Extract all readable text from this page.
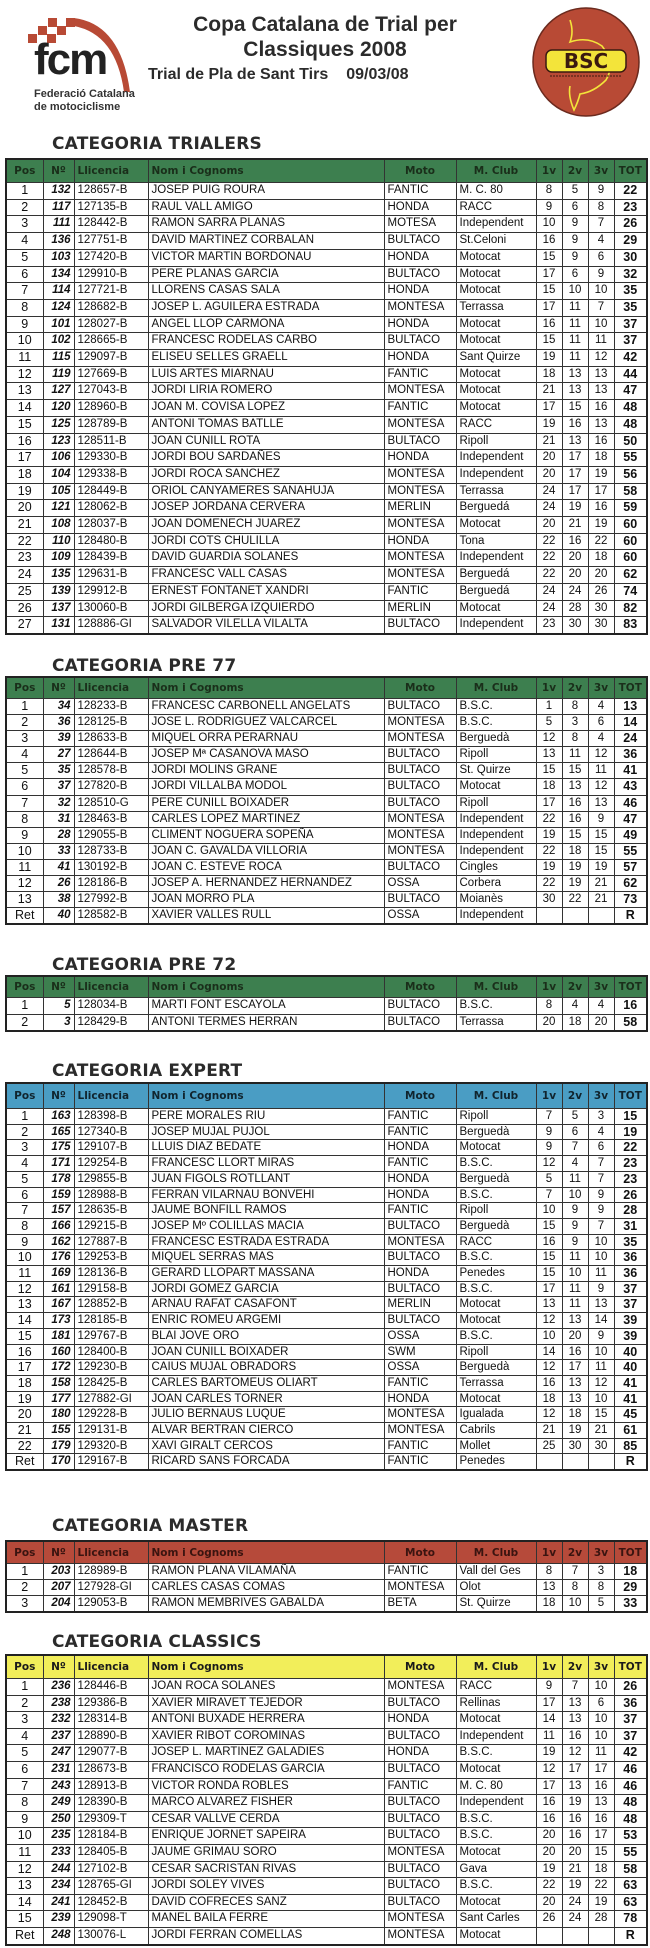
fcm
Federació Catalana
de motociclisme
Copa Catalana de Trial per
Classiques 2008
Trial de Pla de Sant Tirs 09/03/08
BSC
CATEGORIA TRIALERS
Pos	Nº	Llicencia	Nom i Cognoms	Moto	M. Club	1v	2v	3v	TOT
1	132	128657-B	JOSEP PUIG ROURA	FANTIC	M. C. 80	8	5	9	22
2	117	127135-B	RAUL VALL AMIGO	HONDA	RACC	9	6	8	23
3	111	128442-B	RAMON SARRA PLANAS	MOTESA	Independent	10	9	7	26
4	136	127751-B	DAVID MARTINEZ CORBALAN	BULTACO	St.Celoni	16	9	4	29
5	103	127420-B	VICTOR MARTIN BORDONAU	HONDA	Motocat	15	9	6	30
6	134	129910-B	PERE PLANAS GARCIA	BULTACO	Motocat	17	6	9	32
7	114	127721-B	LLORENS CASAS SALA	HONDA	Motocat	15	10	10	35
8	124	128682-B	JOSEP L. AGUILERA ESTRADA	MONTESA	Terrassa	17	11	7	35
9	101	128027-B	ANGEL LLOP CARMONA	HONDA	Motocat	16	11	10	37
10	102	128665-B	FRANCESC RODELAS CARBO	BULTACO	Motocat	15	11	11	37
11	115	129097-B	ELISEU SELLES GRAELL	HONDA	Sant Quirze	19	11	12	42
12	119	127669-B	LUIS ARTES MIARNAU	FANTIC	Motocat	18	13	13	44
13	127	127043-B	JORDI LIRIA ROMERO	MONTESA	Motocat	21	13	13	47
14	120	128960-B	JOAN M. COVISA LOPEZ	FANTIC	Motocat	17	15	16	48
15	125	128789-B	ANTONI TOMAS BATLLE	MONTESA	RACC	19	16	13	48
16	123	128511-B	JOAN CUNILL ROTA	BULTACO	Ripoll	21	13	16	50
17	106	129330-B	JORDI BOU SARDAÑES	HONDA	Independent	20	17	18	55
18	104	129338-B	JORDI ROCA SANCHEZ	MONTESA	Independent	20	17	19	56
19	105	128449-B	ORIOL CANYAMERES SANAHUJA	MONTESA	Terrassa	24	17	17	58
20	121	128062-B	JOSEP JORDANA CERVERA	MERLIN	Berguedá	24	19	16	59
21	108	128037-B	JOAN DOMENECH JUAREZ	MONTESA	Motocat	20	21	19	60
22	110	128480-B	JORDI COTS CHULILLA	HONDA	Tona	22	16	22	60
23	109	128439-B	DAVID GUARDIA SOLANES	MONTESA	Independent	22	20	18	60
24	135	129631-B	FRANCESC VALL CASAS	MONTESA	Berguedá	22	20	20	62
25	139	129912-B	ERNEST FONTANET XANDRI	FANTIC	Berguedá	24	24	26	74
26	137	130060-B	JORDI GILBERGA IZQUIERDO	MERLIN	Motocat	24	28	30	82
27	131	128886-GI	SALVADOR VILELLA VILALTA	BULTACO	Independent	23	30	30	83
CATEGORIA PRE 77
Pos	Nº	Llicencia	Nom i Cognoms	Moto	M. Club	1v	2v	3v	TOT
1	34	128233-B	FRANCESC CARBONELL ANGELATS	BULTACO	B.S.C.	1	8	4	13
2	36	128125-B	JOSE L. RODRIGUEZ VALCARCEL	MONTESA	B.S.C.	5	3	6	14
3	39	128633-B	MIQUEL ORRA PERARNAU	MONTESA	Berguedà	12	8	4	24
4	27	128644-B	JOSEP Mª CASANOVA MASO	BULTACO	Ripoll	13	11	12	36
5	35	128578-B	JORDI MOLINS GRANE	BULTACO	St. Quirze	15	15	11	41
6	37	127820-B	JORDI VILLALBA MODOL	BULTACO	Motocat	18	13	12	43
7	32	128510-G	PERE CUNILL BOIXADER	BULTACO	Ripoll	17	16	13	46
8	31	128463-B	CARLES LOPEZ MARTINEZ	MONTESA	Independent	22	16	9	47
9	28	129055-B	CLIMENT NOGUERA SOPEÑA	MONTESA	Independent	19	15	15	49
10	33	128733-B	JOAN C. GAVALDA VILLORIA	MONTESA	Independent	22	18	15	55
11	41	130192-B	JOAN C. ESTEVE ROCA	BULTACO	Cingles	19	19	19	57
12	26	128186-B	JOSEP A. HERNANDEZ HERNANDEZ	OSSA	Corbera	22	19	21	62
13	38	127992-B	JOAN MORRO PLA	BULTACO	Moianès	30	22	21	73
Ret	40	128582-B	XAVIER VALLES RULL	OSSA	Independent				R
CATEGORIA PRE 72
Pos	Nº	Llicencia	Nom i Cognoms	Moto	M. Club	1v	2v	3v	TOT
1	5	128034-B	MARTI FONT ESCAYOLA	BULTACO	B.S.C.	8	4	4	16
2	3	128429-B	ANTONI TERMES HERRAN	BULTACO	Terrassa	20	18	20	58
CATEGORIA EXPERT
Pos	Nº	Llicencia	Nom i Cognoms	Moto	M. Club	1v	2v	3v	TOT
1	163	128398-B	PERE MORALES RIU	FANTIC	Ripoll	7	5	3	15
2	165	127340-B	JOSEP MUJAL PUJOL	FANTIC	Berguedà	9	6	4	19
3	175	129107-B	LLUIS DIAZ BEDATE	HONDA	Motocat	9	7	6	22
4	171	129254-B	FRANCESC LLORT MIRAS	FANTIC	B.S.C.	12	4	7	23
5	178	129855-B	JUAN FIGOLS ROTLLANT	HONDA	Berguedà	5	11	7	23
6	159	128988-B	FERRAN VILARNAU BONVEHI	HONDA	B.S.C.	7	10	9	26
7	157	128635-B	JAUME BONFILL RAMOS	FANTIC	Ripoll	10	9	9	28
8	166	129215-B	JOSEP Mº COLILLAS MACIA	BULTACO	Berguedà	15	9	7	31
9	162	127887-B	FRANCESC ESTRADA ESTRADA	MONTESA	RACC	16	9	10	35
10	176	129253-B	MIQUEL SERRAS MAS	BULTACO	B.S.C.	15	11	10	36
11	169	128136-B	GERARD LLOPART MASSANA	HONDA	Penedes	15	10	11	36
12	161	129158-B	JORDI GOMEZ GARCIA	BULTACO	B.S.C.	17	11	9	37
13	167	128852-B	ARNAU RAFAT CASAFONT	MERLIN	Motocat	13	11	13	37
14	173	128185-B	ENRIC ROMEU ARGEMI	BULTACO	Motocat	12	13	14	39
15	181	129767-B	BLAI JOVE ORO	OSSA	B.S.C.	10	20	9	39
16	160	128400-B	JOAN CUNILL BOIXADER	SWM	Ripoll	14	16	10	40
17	172	129230-B	CAIUS MUJAL OBRADORS	OSSA	Berguedà	12	17	11	40
18	158	128425-B	CARLES BARTOMEUS OLIART	FANTIC	Terrassa	16	13	12	41
19	177	127882-GI	JOAN CARLES TORNER	HONDA	Motocat	18	13	10	41
20	180	129228-B	JULIO BERNAUS LUQUE	MONTESA	Igualada	12	18	15	45
21	155	129131-B	ALVAR BERTRAN CIERCO	MONTESA	Cabrils	21	19	21	61
22	179	129320-B	XAVI GIRALT CERCOS	FANTIC	Mollet	25	30	30	85
Ret	170	129167-B	RICARD SANS FORCADA	FANTIC	Penedes				R
CATEGORIA MASTER
Pos	Nº	Llicencia	Nom i Cognoms	Moto	M. Club	1v	2v	3v	TOT
1	203	128989-B	RAMON PLANA VILAMAÑA	FANTIC	Vall del Ges	8	7	3	18
2	207	127928-GI	CARLES CASAS COMAS	MONTESA	Olot	13	8	8	29
3	204	129053-B	RAMON MEMBRIVES GABALDA	BETA	St. Quirze	18	10	5	33
CATEGORIA CLASSICS
Pos	Nº	Llicencia	Nom i Cognoms	Moto	M. Club	1v	2v	3v	TOT
1	236	128446-B	JOAN ROCA SOLANES	MONTESA	RACC	9	7	10	26
2	238	129386-B	XAVIER MIRAVET TEJEDOR	BULTACO	Rellinas	17	13	6	36
3	232	128314-B	ANTONI BUXADE HERRERA	HONDA	Motocat	14	13	10	37
4	237	128890-B	XAVIER RIBOT COROMINAS	BULTACO	Independent	11	16	10	37
5	247	129077-B	JOSEP L. MARTINEZ GALADIES	HONDA	B.S.C.	19	12	11	42
6	231	128673-B	FRANCISCO RODELAS GARCIA	BULTACO	Motocat	12	17	17	46
7	243	128913-B	VICTOR RONDA ROBLES	FANTIC	M. C. 80	17	13	16	46
8	249	128390-B	MARCO ALVAREZ FISHER	BULTACO	Independent	16	19	13	48
9	250	129309-T	CESAR VALLVE CERDA	BULTACO	B.S.C.	16	16	16	48
10	235	128184-B	ENRIQUE JORNET SAPEIRA	BULTACO	B.S.C.	20	16	17	53
11	233	128405-B	JAUME GRIMAU SORO	MONTESA	Motocat	20	20	15	55
12	244	127102-B	CESAR SACRISTAN RIVAS	BULTACO	Gava	19	21	18	58
13	234	128765-GI	JORDI SOLEY VIVES	BULTACO	B.S.C.	22	19	22	63
14	241	128452-B	DAVID COFRECES SANZ	BULTACO	Motocat	20	24	19	63
15	239	129098-T	MANEL BAILA FERRE	MONTESA	Sant Carles	26	24	28	78
Ret	248	130076-L	JORDI FERRAN COMELLAS	MONTESA	Motocat				R
